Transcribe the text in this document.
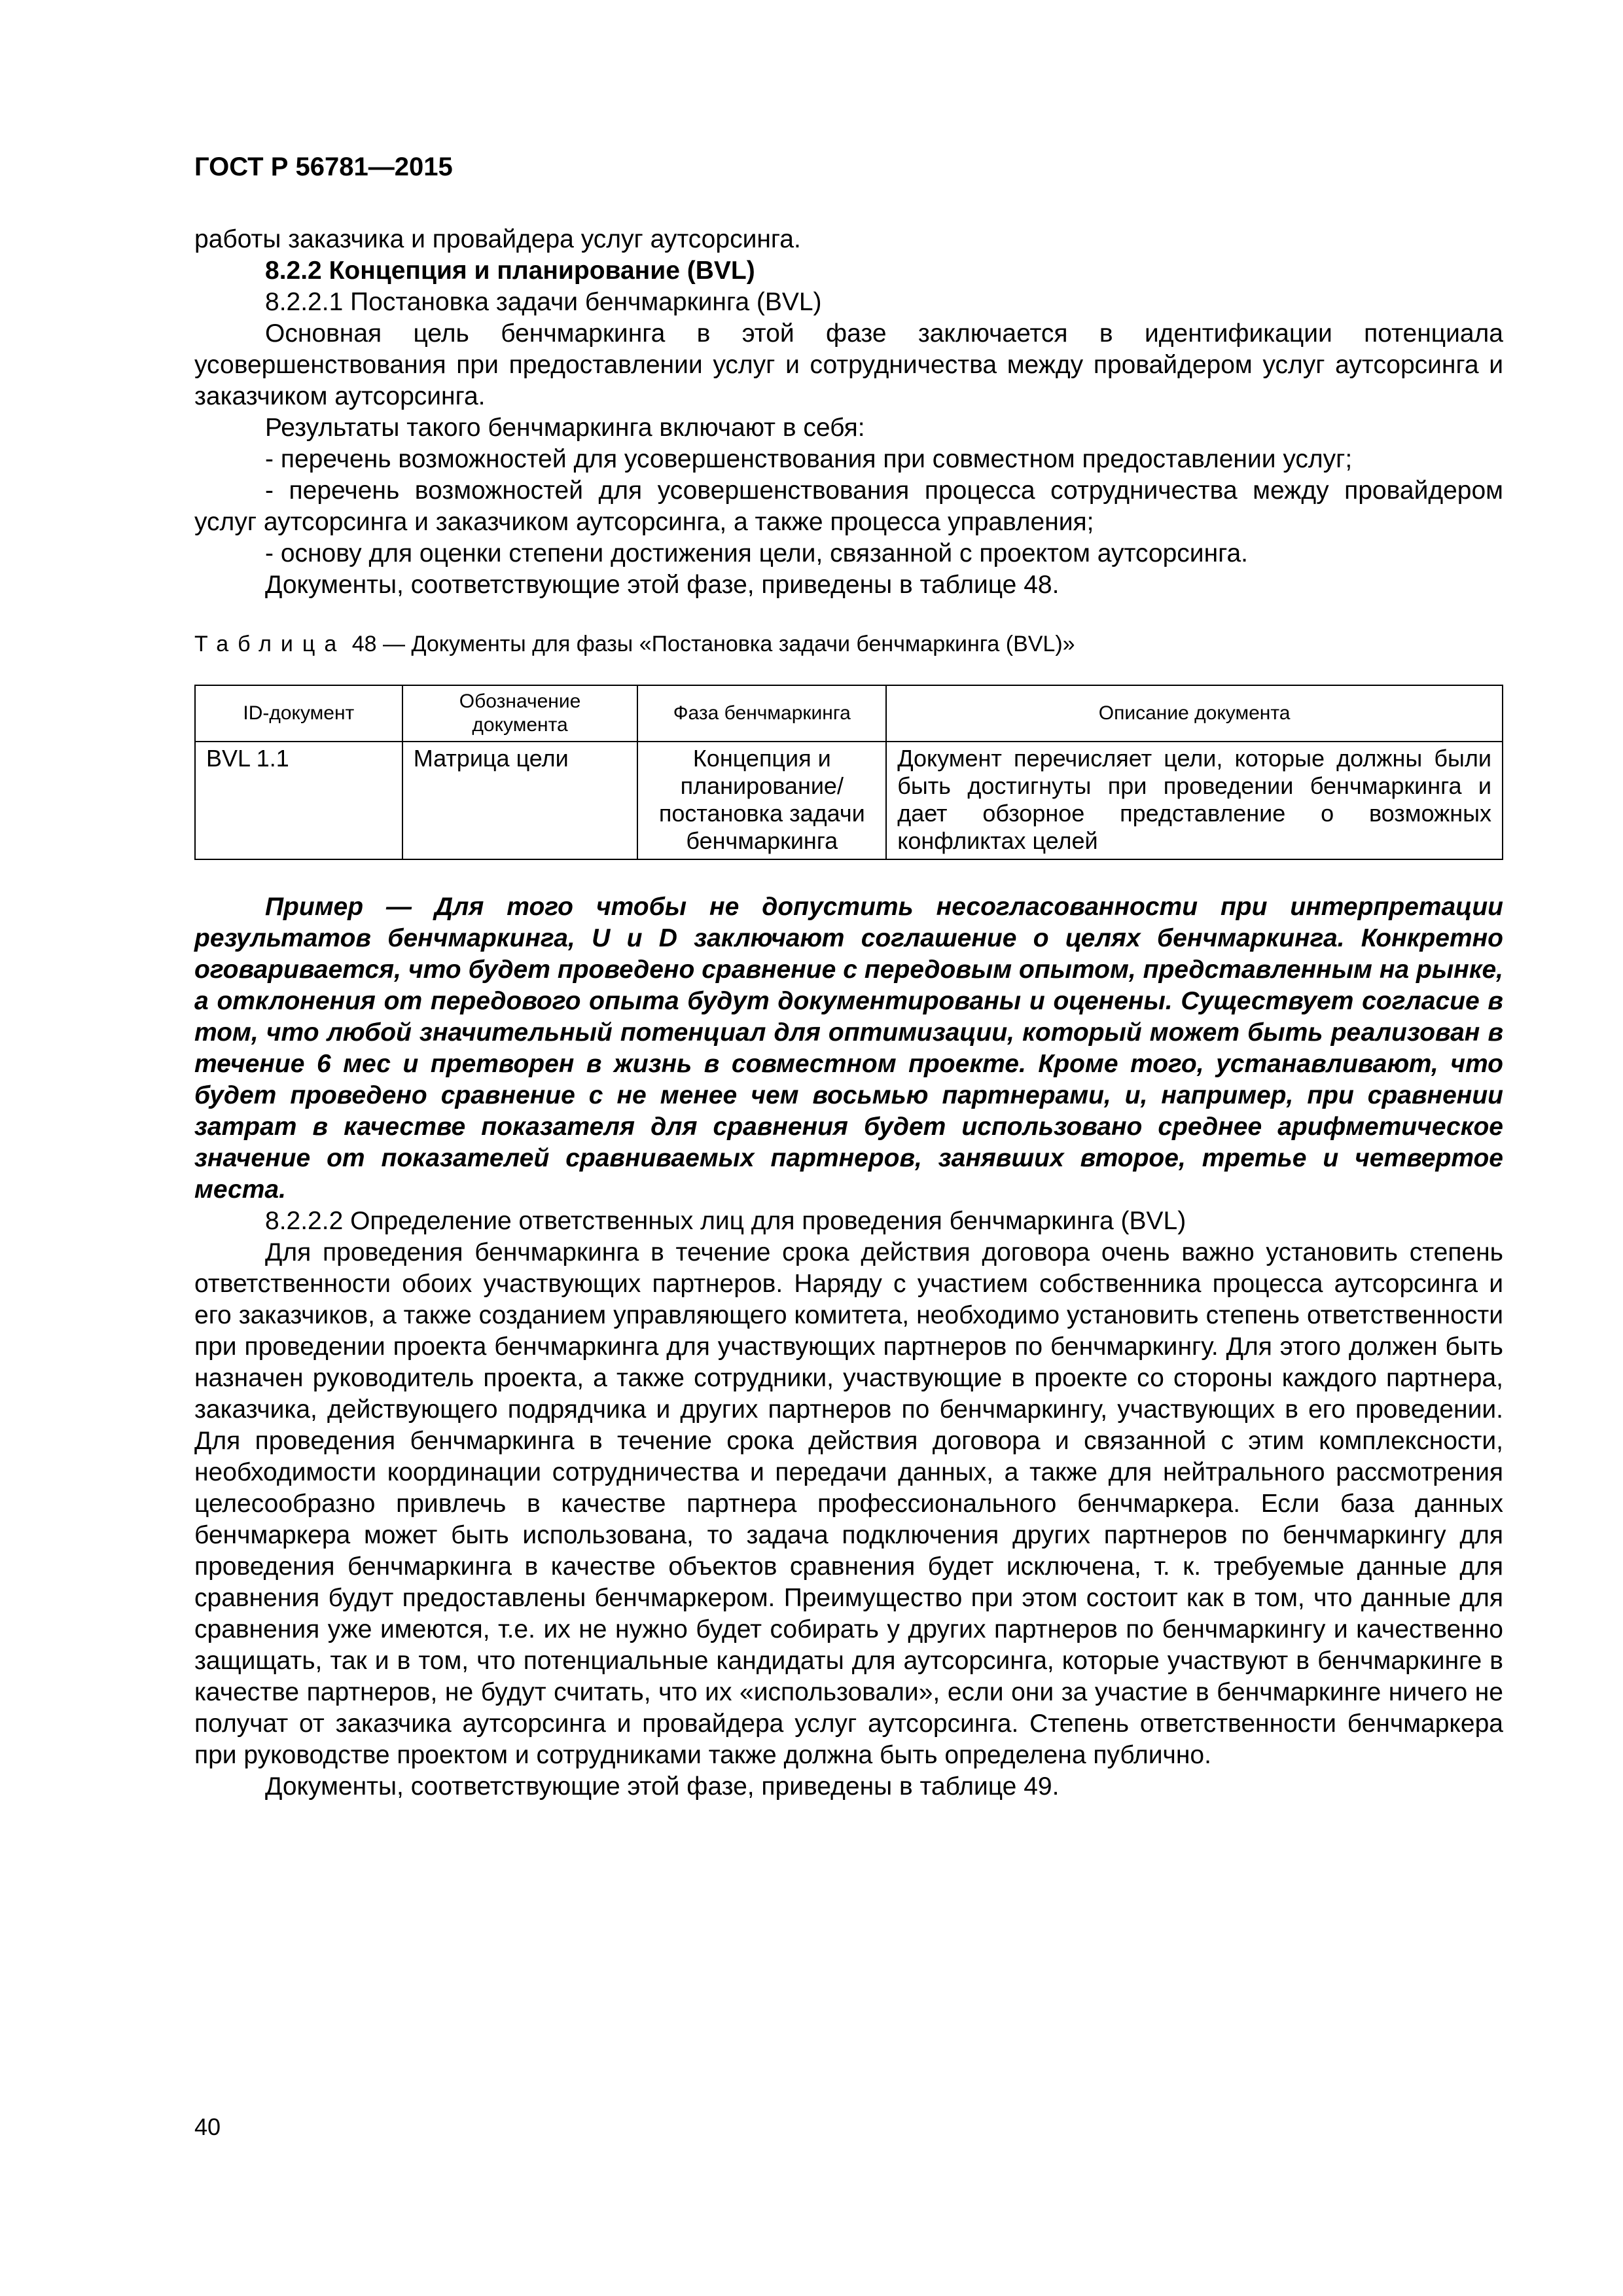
ГОСТ Р 56781—2015

работы заказчика и провайдера услуг аутсорсинга.

8.2.2 Концепция и планирование (BVL)

8.2.2.1 Постановка задачи бенчмаркинга (BVL)

Основная цель бенчмаркинга в этой фазе заключается в идентификации потенциала усовершенствования при предоставлении услуг и сотрудничества между провайдером услуг аутсорсинга и заказчиком аутсорсинга.

Результаты такого бенчмаркинга включают в себя:

- перечень возможностей для усовершенствования при совместном предоставлении услуг;

- перечень возможностей для усовершенствования процесса сотрудничества между провайдером услуг аутсорсинга и заказчиком аутсорсинга, а также процесса управления;

- основу для оценки степени достижения цели, связанной с проектом аутсорсинга.

Документы, соответствующие этой фазе, приведены в таблице 48.

Таблица 48 — Документы для фазы «Постановка задачи бенчмаркинга (BVL)»
ID-документ	Обозначение документа	Фаза бенчмаркинга	Описание документа
BVL 1.1	Матрица цели	Концепция и планирование/ постановка задачи бенчмаркинга	Документ перечисляет цели, которые должны были быть достигнуты при проведении бенчмаркинга и дает обзорное представление о возможных конфликтах целей

Пример — Для того чтобы не допустить несогласованности при интерпретации результатов бенчмаркинга, U и D заключают соглашение о целях бенчмаркинга. Конкретно оговаривается, что будет проведено сравнение с передовым опытом, представленным на рынке, а отклонения от передового опыта будут документированы и оценены. Существует согласие в том, что любой значительный потенциал для оптимизации, который может быть реализован в течение 6 мес и претворен в жизнь в совместном проекте. Кроме того, устанавливают, что будет проведено сравнение с не менее чем восьмью партнерами, и, например, при сравнении затрат в качестве показателя для сравнения будет использовано среднее арифметическое значение от показателей сравниваемых партнеров, занявших второе, третье и четвертое места.

8.2.2.2 Определение ответственных лиц для проведения бенчмаркинга (BVL)

Для проведения бенчмаркинга в течение срока действия договора очень важно установить степень ответственности обоих участвующих партнеров. Наряду с участием собственника процесса аутсорсинга и его заказчиков, а также созданием управляющего комитета, необходимо установить степень ответственности при проведении проекта бенчмаркинга для участвующих партнеров по бенчмаркингу. Для этого должен быть назначен руководитель проекта, а также сотрудники, участвующие в проекте со стороны каждого партнера, заказчика, действующего подрядчика и других партнеров по бенчмаркингу, участвующих в его проведении. Для проведения бенчмаркинга в течение срока действия договора и связанной с этим комплексности, необходимости координации сотрудничества и передачи данных, а также для нейтрального рассмотрения целесообразно привлечь в качестве партнера профессионального бенчмаркера. Если база данных бенчмаркера может быть использована, то задача подключения других партнеров по бенчмаркингу для проведения бенчмаркинга в качестве объектов сравнения будет исключена, т. к. требуемые данные для сравнения будут предоставлены бенчмаркером. Преимущество при этом состоит как в том, что данные для сравнения уже имеются, т.е. их не нужно будет собирать у других партнеров по бенчмаркингу и качественно защищать, так и в том, что потенциальные кандидаты для аутсорсинга, которые участвуют в бенчмаркинге в качестве партнеров, не будут считать, что их «использовали», если они за участие в бенчмаркинге ничего не получат от заказчика аутсорсинга и провайдера услуг аутсорсинга. Степень ответственности бенчмаркера при руководстве проектом и сотрудниками также должна быть определена публично.

Документы, соответствующие этой фазе, приведены в таблице 49.

40
